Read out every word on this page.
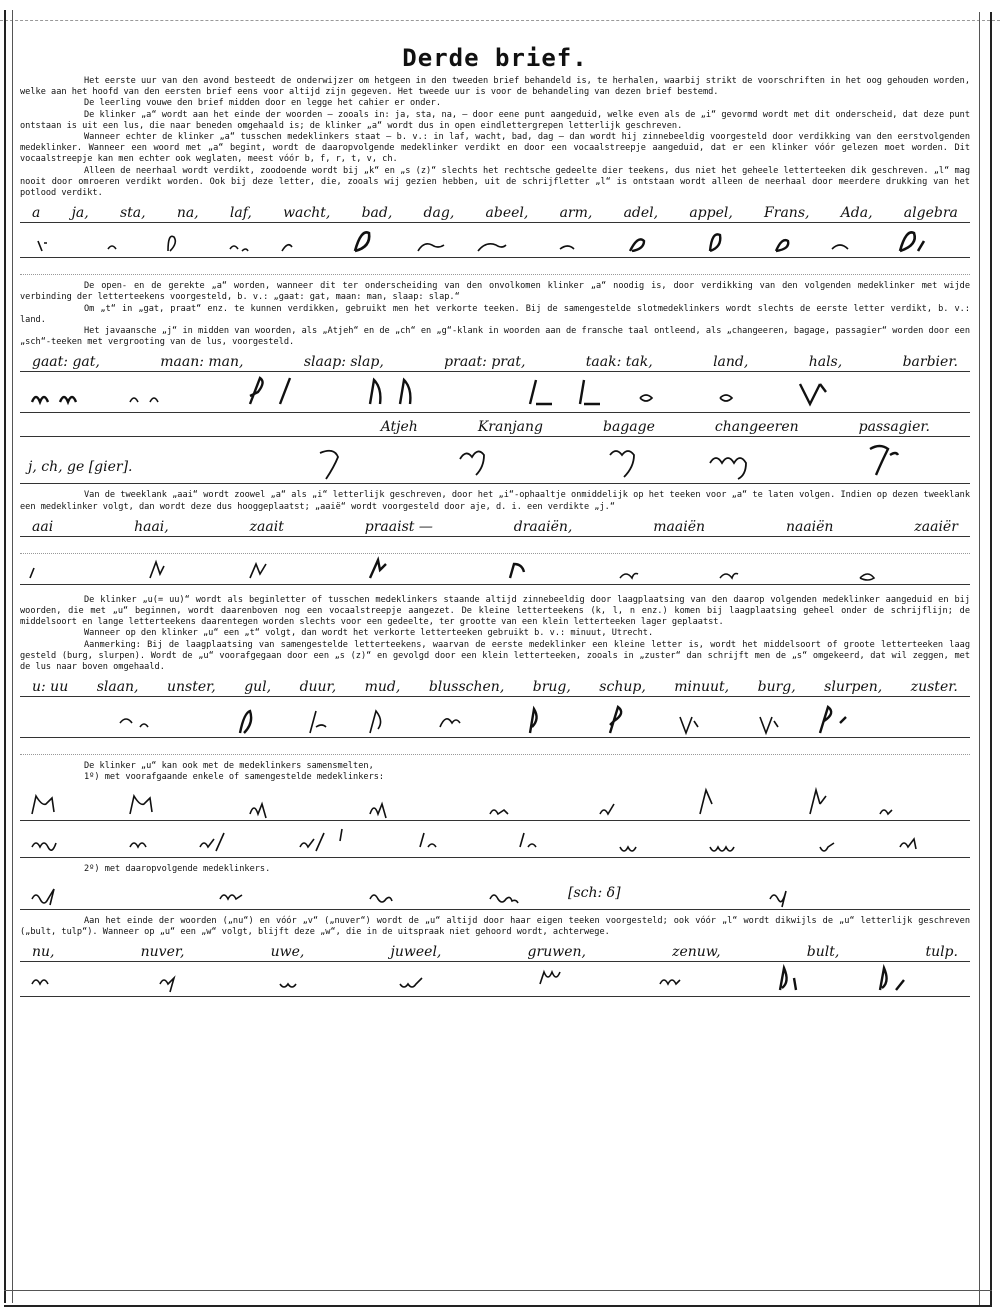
Derde brief.

Het eerste uur van den avond besteedt de onderwijzer om hetgeen in den tweeden brief behandeld is, te herhalen, waarbij strikt de voorschriften in het oog gehouden worden, welke aan het hoofd van den eersten brief eens voor altijd zijn gegeven. Het tweede uur is voor de behandeling van dezen brief bestemd.

De leerling vouwe den brief midden door en legge het cahier er onder.

De klinker „a“ wordt aan het einde der woorden — zooals in: ja, sta, na, — door eene punt aangeduid, welke even als de „i“ gevormd wordt met dit onderscheid, dat deze punt ontstaan is uit een lus, die naar beneden omgehaald is; de klinker „a“ wordt dus in open eindlettergrepen letterlijk geschreven.

Wanneer echter de klinker „a“ tusschen medeklinkers staat — b. v.: in laf, wacht, bad, dag — dan wordt hij zinnebeeldig voorgesteld door verdikking van den eerstvolgenden medeklinker. Wanneer een woord met „a“ begint, wordt de daaropvolgende medeklinker verdikt en door een vocaalstreepje aangeduid, dat er een klinker vóór gelezen moet worden. Dit vocaalstreepje kan men echter ook weglaten, meest vóór b, f, r, t, v, ch.

Alleen de neerhaal wordt verdikt, zoodoende wordt bij „k“ en „s (z)“ slechts het rechtsche gedeelte dier teekens, dus niet het geheele letterteeken dik geschreven. „l“ mag nooit door omroeren verdikt worden. Ook bij deze letter, die, zooals wij gezien hebben, uit de schrijfletter „l“ is ontstaan wordt alleen de neerhaal door meerdere drukking van het potlood verdikt.

a ja, sta, na, laf, wacht, bad, dag, abeel, arm, adel, appel, Frans, Ada, algebra

De open- en de gerekte „a“ worden, wanneer dit ter onderscheiding van den onvolkomen klinker „a“ noodig is, door verdikking van den volgenden medeklinker met wijde verbinding der letterteekens voorgesteld, b. v.: „gaat: gat, maan: man, slaap: slap.“

Om „t“ in „gat, praat“ enz. te kunnen verdikken, gebruikt men het verkorte teeken. Bij de samengestelde slotmedeklinkers wordt slechts de eerste letter verdikt, b. v.: land.

Het javaansche „j“ in midden van woorden, als „Atjeh“ en de „ch“ en „g“-klank in woorden aan de fransche taal ontleend, als „changeeren, bagage, passagier“ worden door een „sch“-teeken met vergrooting van de lus, voorgesteld.

gaat: gat,	maan: man,	slaap: slap,	praat: prat,	taak: tak,	land,	hals,	barbier.
Atjeh	Kranjang	bagage	changeeren	passagier.
j, ch, ge [gier].

Van de tweeklank „aai“ wordt zoowel „a“ als „i“ letterlijk geschreven, door het „i“-ophaaltje onmiddelijk op het teeken voor „a“ te laten volgen. Indien op dezen tweeklank een medeklinker volgt, dan wordt deze dus hooggeplaatst; „aaië“ wordt voorgesteld door aje, d. i. een verdikte „j.“

aai	haai,	zaait	praaist —	draaiën,	maaiën	naaiën	zaaiër

De klinker „u(= uu)“ wordt als beginletter of tusschen medeklinkers staande altijd zinnebeeldig door laagplaatsing van den daarop volgenden medeklinker aangeduid en bij woorden, die met „u“ beginnen, wordt daarenboven nog een vocaalstreepje aangezet. De kleine letterteekens (k, l, n enz.) komen bij laagplaatsing geheel onder de schrijflijn; de middelsoort en lange letterteekens daarentegen worden slechts voor een gedeelte, ter grootte van een klein letterteeken lager geplaatst.

Wanneer op den klinker „u“ een „t“ volgt, dan wordt het verkorte letterteeken gebruikt b. v.: minuut, Utrecht.

Aanmerking: Bij de laagplaatsing van samengestelde letterteekens, waarvan de eerste medeklinker een kleine letter is, wordt het middelsoort of groote letterteeken laag gesteld (burg, slurpen). Wordt de „u“ voorafgegaan door een „s (z)“ en gevolgd door een klein letterteeken, zooals in „zuster“ dan schrijft men de „s“ omgekeerd, dat wil zeggen, met de lus naar boven omgehaald.

u: uu slaan, unster, gul, duur, mud, blusschen, brug, schup, minuut, burg, slurpen, zuster.

De klinker „u“ kan ook met de medeklinkers samensmelten,

1º) met voorafgaande enkele of samengestelde medeklinkers:

2º) met daaropvolgende medeklinkers.

[sch: δ]

Aan het einde der woorden („nu“) en vóór „v“ („nuver“) wordt de „u“ altijd door haar eigen teeken voorgesteld; ook vóór „l“ wordt dikwijls de „u“ letterlijk geschreven („bult, tulp“). Wanneer op „u“ een „w“ volgt, blijft deze „w“, die in de uitspraak niet gehoord wordt, achterwege.

nu,	nuver,	uwe,	juweel,	gruwen,	zenuw,	bult,	tulp.
